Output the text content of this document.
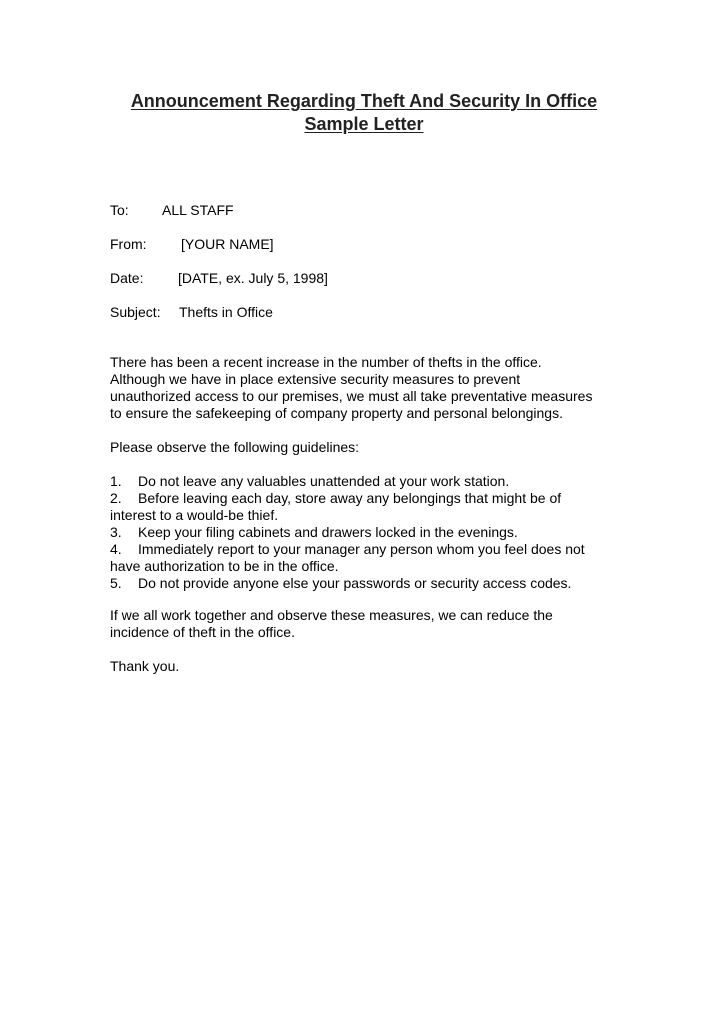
Announcement Regarding Theft And Security In Office
Sample Letter
To: ALL STAFF
From: [YOUR NAME]
Date: [DATE, ex. July 5, 1998]
Subject: Thefts in Office
There has been a recent increase in the number of thefts in the office.
Although we have in place extensive security measures to prevent
unauthorized access to our premises, we must all take preventative measures
to ensure the safekeeping of company property and personal belongings.
Please observe the following guidelines:
1. Do not leave any valuables unattended at your work station.
2. Before leaving each day, store away any belongings that might be of
interest to a would-be thief.
3. Keep your filing cabinets and drawers locked in the evenings.
4. Immediately report to your manager any person whom you feel does not
have authorization to be in the office.
5. Do not provide anyone else your passwords or security access codes.
If we all work together and observe these measures, we can reduce the
incidence of theft in the office.
Thank you.
